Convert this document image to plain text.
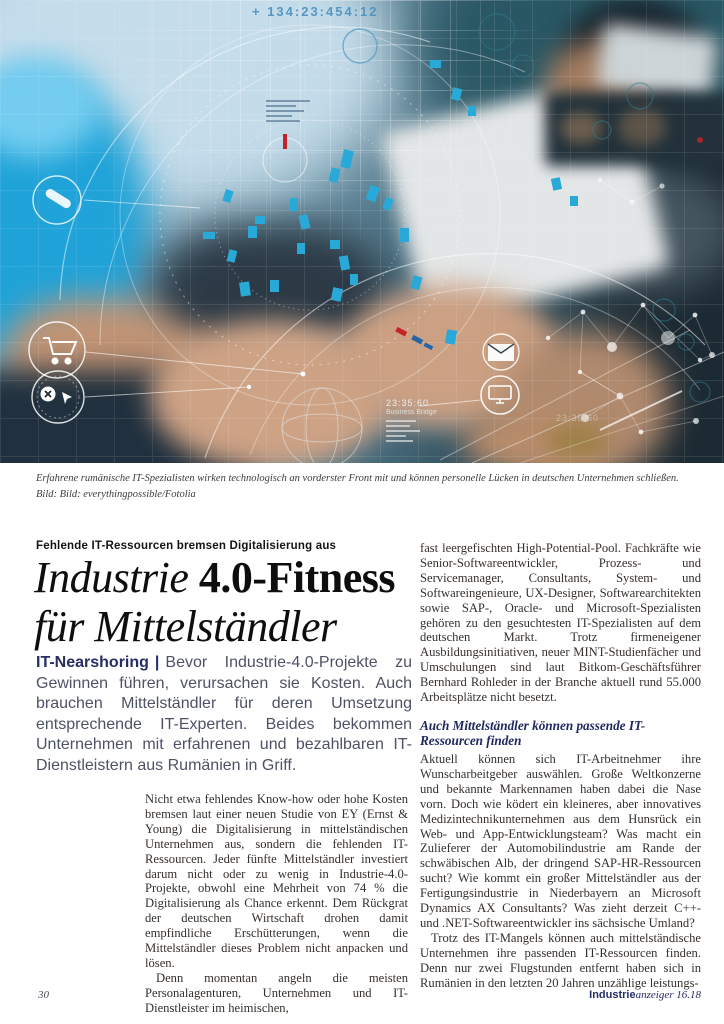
+ 134:23:454:12
23:35:60
Business Bridge
23:35:60
Erfahrene rumänische IT-Spezialisten wirken technologisch an vorderster Front mit und können personelle Lücken in deutschen Unternehmen schließen.
Bild: Bild: everythingpossible/Fotolia
Fehlende IT-Ressourcen bremsen Digitalisierung aus
Industrie 4.0-Fitness
für Mittelständler
IT-Nearshoring | Bevor Industrie-4.0-Projekte zu Gewinnen führen, verursachen sie Kosten. Auch brauchen Mittelständler für deren Umsetzung entsprechende IT-Experten. Beides bekommen Unternehmen mit erfahrenen und bezahlbaren IT-Dienstleistern aus Rumänien in Griff.

Nicht etwa fehlendes Know-how oder hohe Kosten bremsen laut einer neuen Studie von EY (Ernst & Young) die Digitalisierung in mittelständischen Unternehmen aus, sondern die fehlenden IT-Ressourcen. Jeder fünfte Mittelständler investiert darum nicht oder zu wenig in Industrie-4.0-Projekte, obwohl eine Mehrheit von 74 % die Digitalisierung als Chance erkennt. Dem Rückgrat der deutschen Wirtschaft drohen damit empfindliche Erschütterungen, wenn die Mittelständler dieses Problem nicht anpacken und lösen.

Denn momentan angeln die meisten Personalagenturen, Unternehmen und IT-Dienstleister im heimischen,

fast leergefischten High-Potential-Pool. Fachkräfte wie Senior-Softwareentwickler, Prozess- und Servicemanager, Consultants, System- und Softwareingenieure, UX-Designer, Softwarearchitekten sowie SAP-, Oracle- und Microsoft-Spezialisten gehören zu den gesuchtesten IT-Spezialisten auf dem deutschen Markt. Trotz firmeneigener Ausbildungsinitiativen, neuer MINT-Studienfächer und Umschulungen sind laut Bitkom-Geschäftsführer Bernhard Rohleder in der Branche aktuell rund 55.000 Arbeitsplätze nicht besetzt.

Auch Mittelständler können passende IT-Ressourcen finden

Aktuell können sich IT-Arbeitnehmer ihre Wunscharbeitgeber auswählen. Große Weltkonzerne und bekannte Markennamen haben dabei die Nase vorn. Doch wie ködert ein kleineres, aber innovatives Medizintechnikunternehmen aus dem Hunsrück ein Web- und App-Entwicklungsteam? Was macht ein Zulieferer der Automobilindustrie am Rande der schwäbischen Alb, der dringend SAP-HR-Ressourcen sucht? Wie kommt ein großer Mittelständler aus der Fertigungsindustrie in Niederbayern an Microsoft Dynamics AX Consultants? Was zieht derzeit C++- und .NET-Softwareentwickler ins sächsische Umland?

Trotz des IT-Mangels können auch mittelständische Unternehmen ihre passenden IT-Ressourcen finden. Denn nur zwei Flugstunden entfernt haben sich in Rumänien in den letzten 20 Jahren unzählige leistungs-

30	Industrieanzeiger 16.18
